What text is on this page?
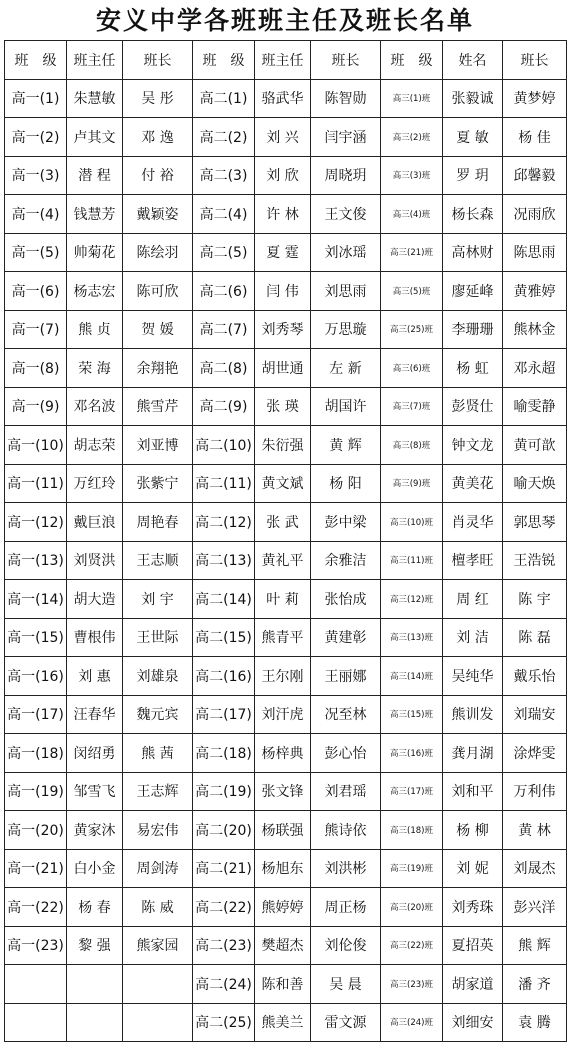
安义中学各班班主任及班长名单
班　级	班主任	班长	班　级	班主任	班长	班　级	姓名	班长
高一(1)	朱慧敏	吴 彤	高二(1)	骆武华	陈智勋	高三(1)班	张毅诚	黄梦婷
高一(2)	卢其文	邓 逸	高二(2)	刘 兴	闫宇涵	高三(2)班	夏 敏	杨 佳
高一(3)	潜 程	付 裕	高二(3)	刘 欣	周晓玥	高三(3)班	罗 玥	邱馨毅
高一(4)	钱慧芳	戴颖姿	高二(4)	许 林	王文俊	高三(4)班	杨长森	况雨欣
高一(5)	帅菊花	陈绘羽	高二(5)	夏 霆	刘冰瑶	高三(21)班	高林财	陈思雨
高一(6)	杨志宏	陈可欣	高二(6)	闫 伟	刘思雨	高三(5)班	廖延峰	黄雅婷
高一(7)	熊 贞	贺 媛	高二(7)	刘秀琴	万思璇	高三(25)班	李珊珊	熊林金
高一(8)	荣 海	余翔艳	高二(8)	胡世通	左 新	高三(6)班	杨 虹	邓永超
高一(9)	邓名波	熊雪芹	高二(9)	张 瑛	胡国许	高三(7)班	彭贤仕	喻雯静
高一(10)	胡志荣	刘亚博	高二(10)	朱衍强	黄 辉	高三(8)班	钟文龙	黄可歆
高一(11)	万红玲	张紫宁	高二(11)	黄文斌	杨 阳	高三(9)班	黄美花	喻天焕
高一(12)	戴巨浪	周艳春	高二(12)	张 武	彭中梁	高三(10)班	肖灵华	郭思琴
高一(13)	刘贤洪	王志顺	高二(13)	黄礼平	余雅洁	高三(11)班	檀孝旺	王浩锐
高一(14)	胡大造	刘 宇	高二(14)	叶 莉	张怡成	高三(12)班	周 红	陈 宇
高一(15)	曹根伟	王世际	高二(15)	熊青平	黄建彰	高三(13)班	刘 洁	陈 磊
高一(16)	刘 惠	刘雄泉	高二(16)	王尔刚	王丽娜	高三(14)班	吴纯华	戴乐怡
高一(17)	汪春华	魏元宾	高二(17)	刘汗虎	况至林	高三(15)班	熊训发	刘瑞安
高一(18)	闵绍勇	熊 茜	高二(18)	杨梓典	彭心怡	高三(16)班	龚月湖	涂烨雯
高一(19)	邹雪飞	王志辉	高二(19)	张文锋	刘君瑶	高三(17)班	刘和平	万利伟
高一(20)	黄家沐	易宏伟	高二(20)	杨联强	熊诗依	高三(18)班	杨 柳	黄 林
高一(21)	白小金	周剑涛	高二(21)	杨旭东	刘洪彬	高三(19)班	刘 妮	刘晟杰
高一(22)	杨 春	陈 威	高二(22)	熊婷婷	周正杨	高三(20)班	刘秀珠	彭兴洋
高一(23)	黎 强	熊家园	高二(23)	樊超杰	刘伦俊	高三(22)班	夏招英	熊 辉
			高二(24)	陈和善	吴 晨	高三(23)班	胡家道	潘 齐
			高二(25)	熊美兰	雷文源	高三(24)班	刘细安	袁 腾
